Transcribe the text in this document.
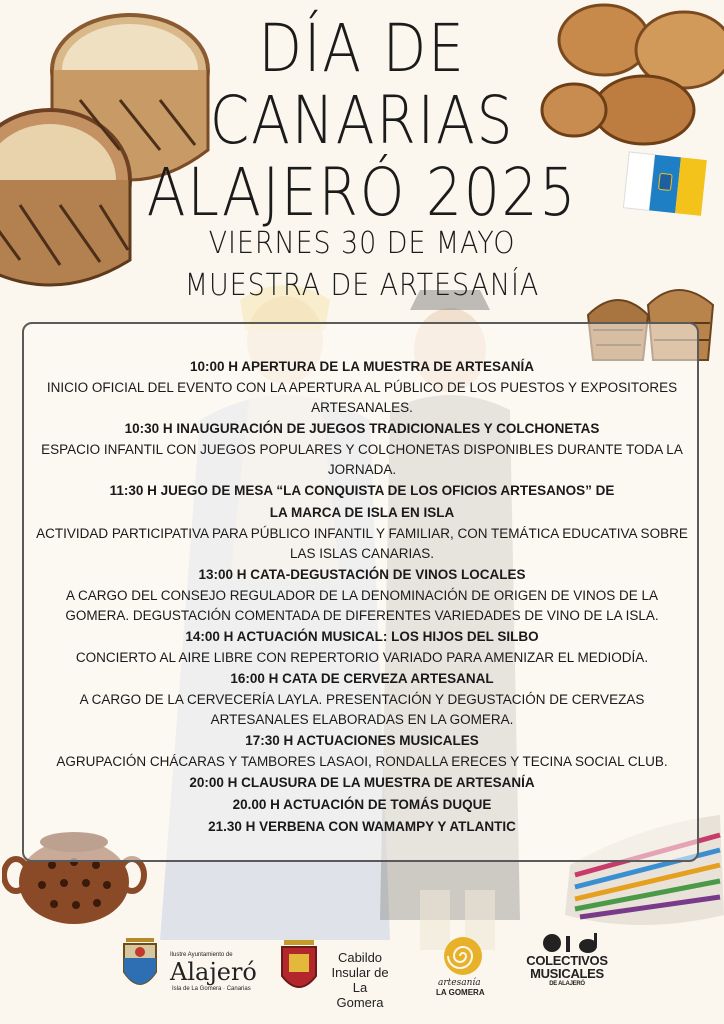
DÍA DE
CANARIAS
ALAJERÓ 2025
VIERNES 30 DE MAYO
MUESTRA DE ARTESANÍA
10:00 H APERTURA DE LA MUESTRA DE ARTESANÍA
INICIO OFICIAL DEL EVENTO CON LA APERTURA AL PÚBLICO DE LOS PUESTOS Y EXPOSITORES ARTESANALES.
10:30 H INAUGURACIÓN DE JUEGOS TRADICIONALES Y COLCHONETAS
ESPACIO INFANTIL CON JUEGOS POPULARES Y COLCHONETAS DISPONIBLES DURANTE TODA LA JORNADA.
11:30 H JUEGO DE MESA “LA CONQUISTA DE LOS OFICIOS ARTESANOS” DE LA MARCA DE ISLA EN ISLA
ACTIVIDAD PARTICIPATIVA PARA PÚBLICO INFANTIL Y FAMILIAR, CON TEMÁTICA EDUCATIVA SOBRE LAS ISLAS CANARIAS.
13:00 H CATA-DEGUSTACIÓN DE VINOS LOCALES
A CARGO DEL CONSEJO REGULADOR DE LA DENOMINACIÓN DE ORIGEN DE VINOS DE LA GOMERA. DEGUSTACIÓN COMENTADA DE DIFERENTES VARIEDADES DE VINO DE LA ISLA.
14:00 H ACTUACIÓN MUSICAL: LOS HIJOS DEL SILBO
CONCIERTO AL AIRE LIBRE CON REPERTORIO VARIADO PARA AMENIZAR EL MEDIODÍA.
16:00 H CATA DE CERVEZA ARTESANAL
A CARGO DE LA CERVECERÍA LAYLA. PRESENTACIÓN Y DEGUSTACIÓN DE CERVEZAS ARTESANALES ELABORADAS EN LA GOMERA.
17:30 H ACTUACIONES MUSICALES
AGRUPACIÓN CHÁCARAS Y TAMBORES LASAOI, RONDALLA ERECES Y TECINA SOCIAL CLUB.
20:00 H CLAUSURA DE LA MUESTRA DE ARTESANÍA
20.00 H ACTUACIÓN DE TOMÁS DUQUE
21.30 H VERBENA CON WAMAMPY Y ATLANTIC
Ilustre Ayuntamiento de
Alajeró
Isla de La Gomera · Canarias
Cabildo
Insular de
La Gomera
artesanía
LA GOMERA
COLECTIVOS
MUSICALES
DE ALAJERÓ
